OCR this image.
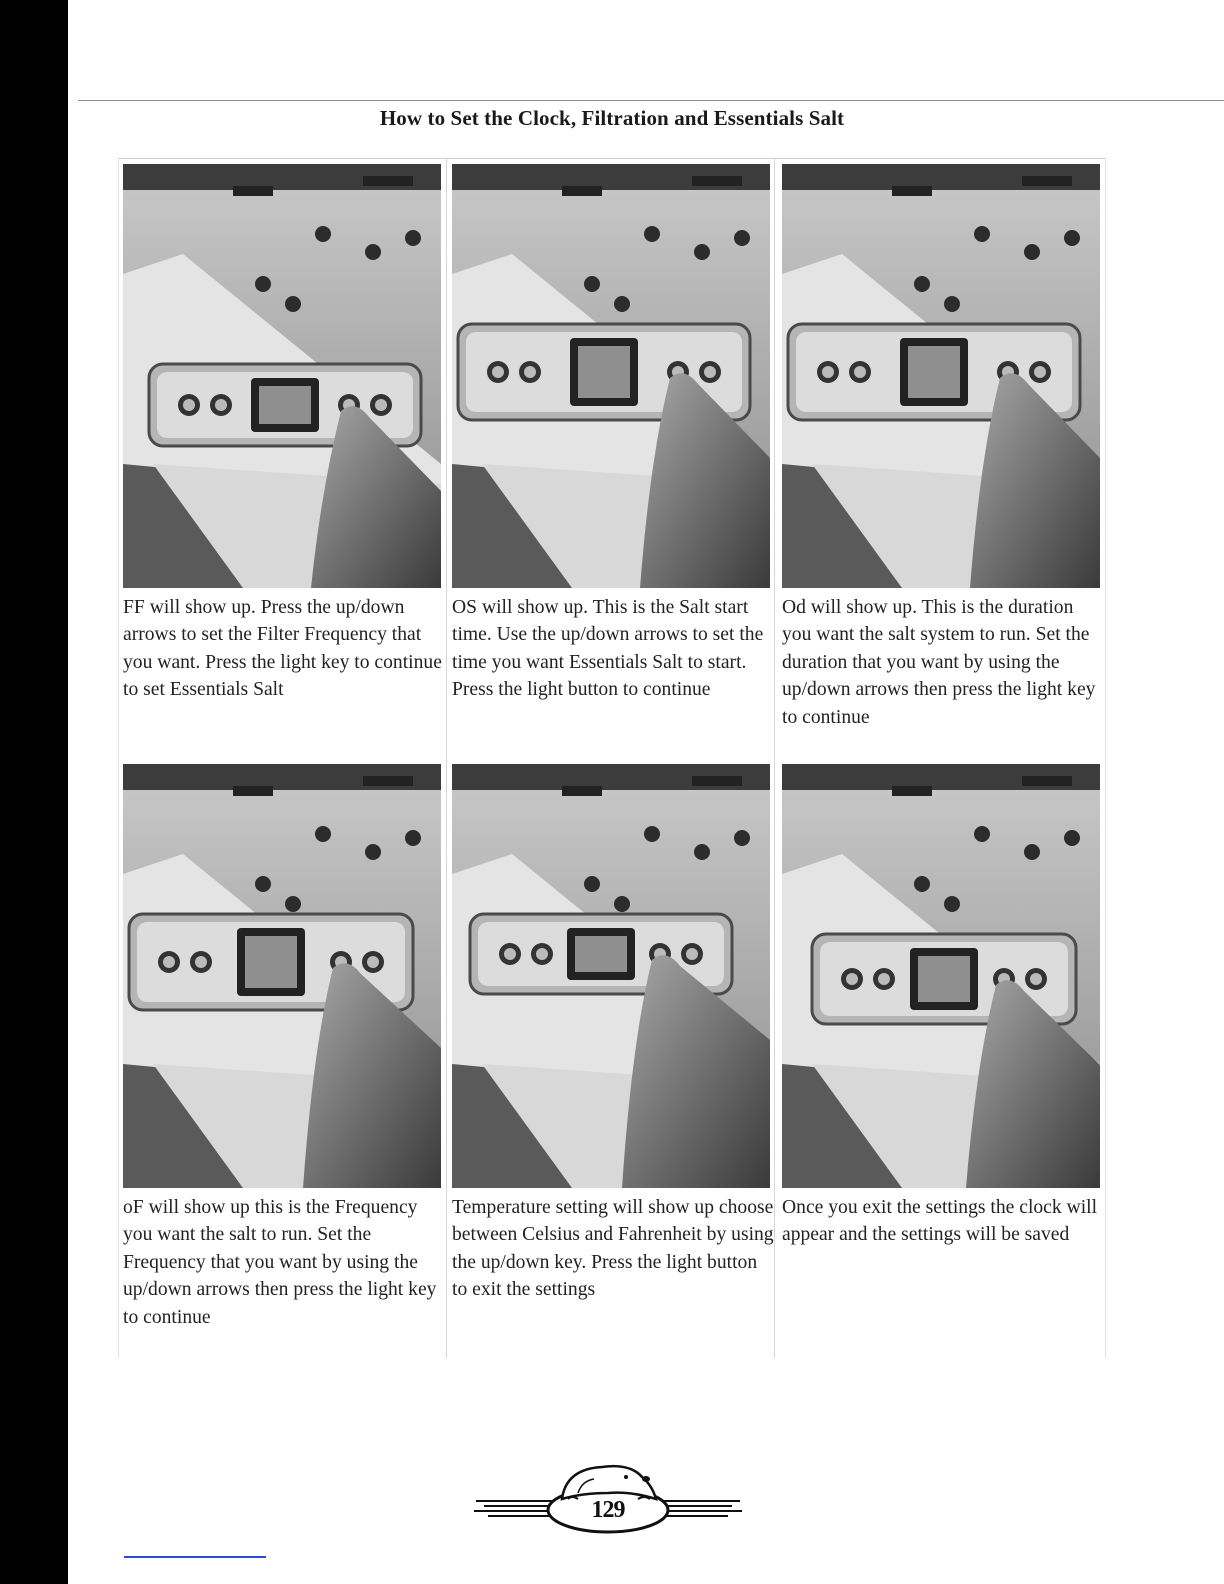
How to Set the Clock, Filtration and Essentials Salt

FF will show up. Press the up/down arrows to set the Filter Frequency that you want. Press the light key to continue to set Essentials Salt

OS will show up. This is the Salt start time. Use the up/down arrows to set the time you want Essentials Salt to start. Press the light button to continue

Od will show up. This is the duration you want the salt system to run. Set the duration that you want by using the up/down arrows then press the light key to continue

oF will show up this is the Frequency you want the salt to run. Set the Frequency that you want by using the up/down arrows then press the light key to continue

Temperature setting will show up choose between Celsius and Fahrenheit by using the up/down key. Press the light button to exit the settings

Once you exit the settings the clock will appear and the settings will be saved

129
